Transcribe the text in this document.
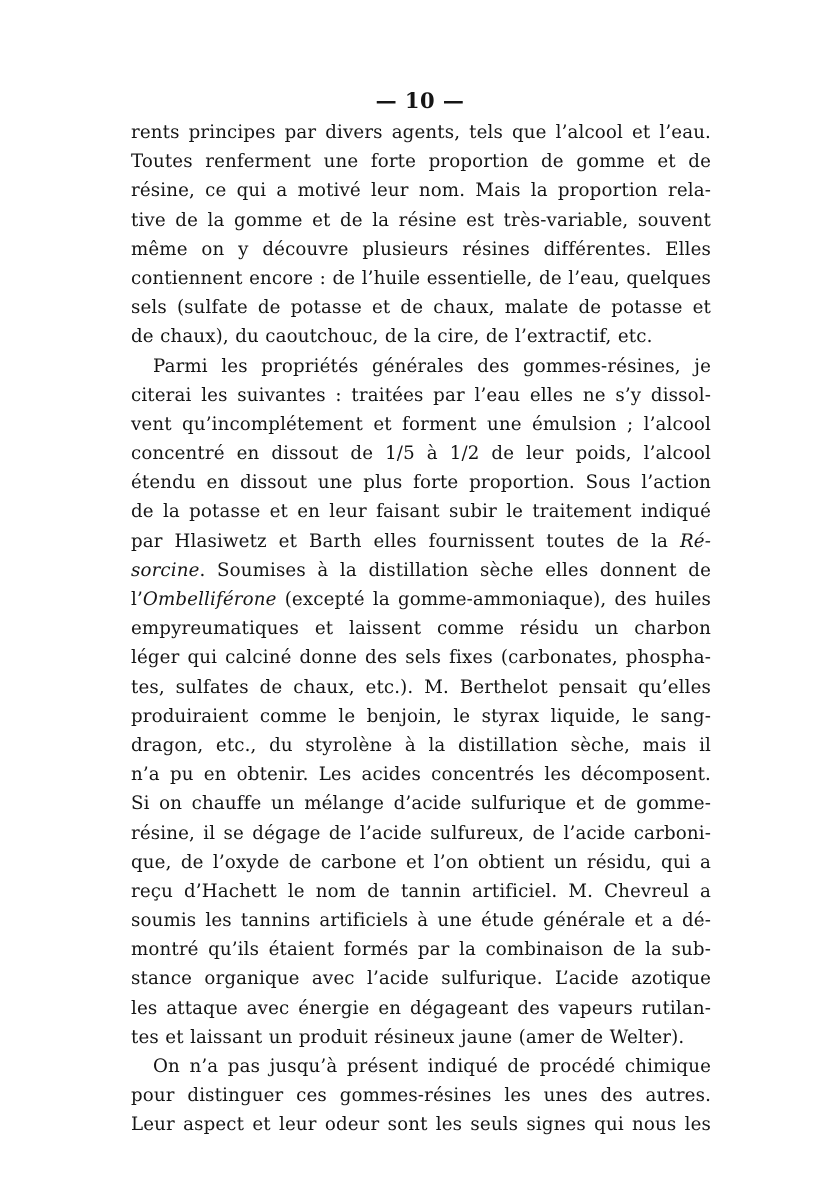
— 10 —
rents principes par divers agents, tels que l’alcool et l’eau.
Toutes renferment une forte proportion de gomme et de
résine, ce qui a motivé leur nom. Mais la proportion rela-
tive de la gomme et de la résine est très-variable, souvent
même on y découvre plusieurs résines différentes. Elles
contiennent encore : de l’huile essentielle, de l’eau, quelques
sels (sulfate de potasse et de chaux, malate de potasse et
de chaux), du caoutchouc, de la cire, de l’extractif, etc.
Parmi les propriétés générales des gommes-résines, je
citerai les suivantes : traitées par l’eau elles ne s’y dissol-
vent qu’incomplétement et forment une émulsion ; l’alcool
concentré en dissout de 1/5 à 1/2 de leur poids, l’alcool
étendu en dissout une plus forte proportion. Sous l’action
de la potasse et en leur faisant subir le traitement indiqué
par Hlasiwetz et Barth elles fournissent toutes de la Ré-
sorcine. Soumises à la distillation sèche elles donnent de
l’Ombelliférone (excepté la gomme-ammoniaque), des huiles
empyreumatiques et laissent comme résidu un charbon
léger qui calciné donne des sels fixes (carbonates, phospha-
tes, sulfates de chaux, etc.). M. Berthelot pensait qu’elles
produiraient comme le benjoin, le styrax liquide, le sang-
dragon, etc., du styrolène à la distillation sèche, mais il
n’a pu en obtenir. Les acides concentrés les décomposent.
Si on chauffe un mélange d’acide sulfurique et de gomme-
résine, il se dégage de l’acide sulfureux, de l’acide carboni-
que, de l’oxyde de carbone et l’on obtient un résidu, qui a
reçu d’Hachett le nom de tannin artificiel. M. Chevreul a
soumis les tannins artificiels à une étude générale et a dé-
montré qu’ils étaient formés par la combinaison de la sub-
stance organique avec l’acide sulfurique. L’acide azotique
les attaque avec énergie en dégageant des vapeurs rutilan-
tes et laissant un produit résineux jaune (amer de Welter).
On n’a pas jusqu’à présent indiqué de procédé chimique
pour distinguer ces gommes-résines les unes des autres.
Leur aspect et leur odeur sont les seuls signes qui nous les
